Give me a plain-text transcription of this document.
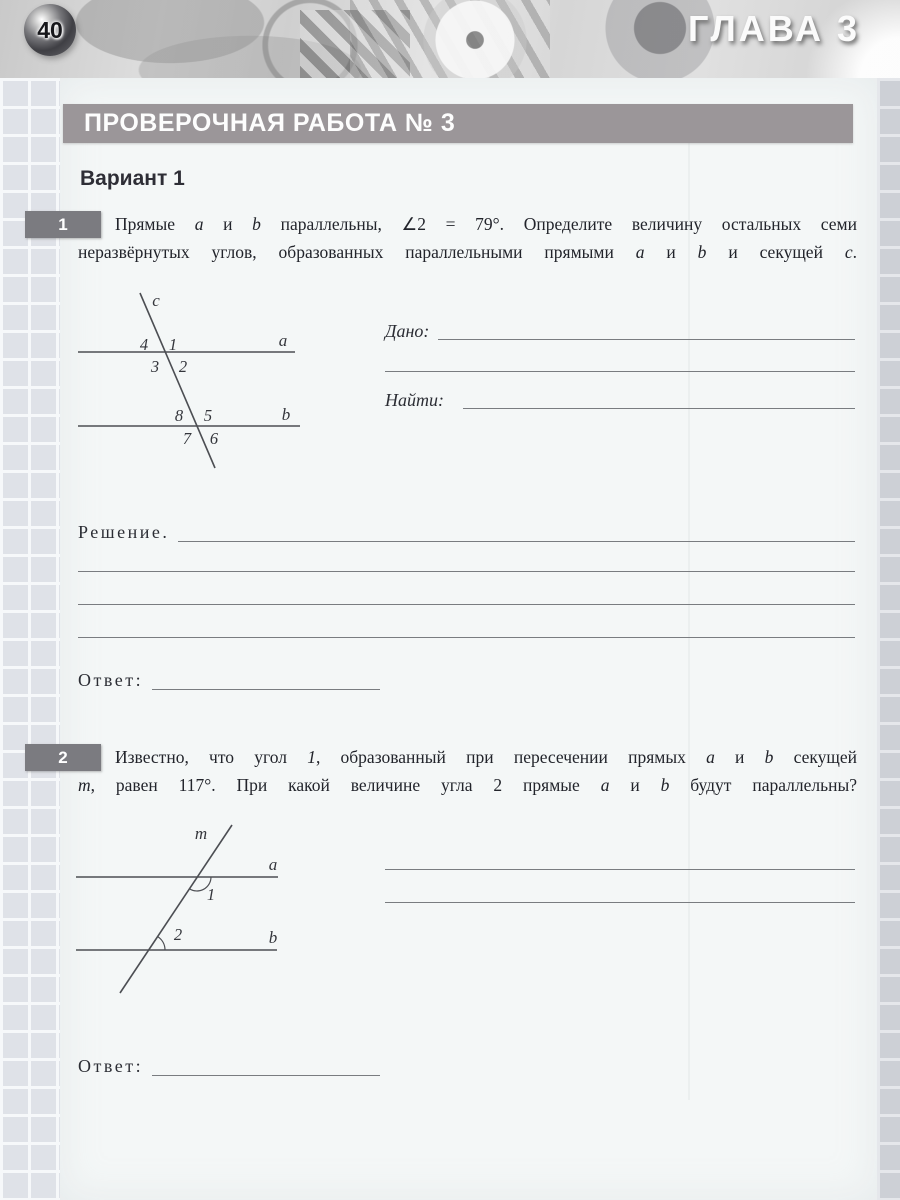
40	ГЛАВА 3
ПРОВЕРОЧНАЯ РАБОТА № 3
Вариант 1
1	Прямые a и b параллельны, ∠2 = 79°. Определите величину остальных семи
неразвёрнутых углов, образованных параллельными прямыми a и b и секущей c.
c
a
b
1
2
3
4
5
6
7
8
Дано:
Найти:
Решение.
Ответ:
2	Известно, что угол 1, образованный при пересечении прямых a и b секущей
m, равен 117°. При какой величине угла 2 прямые a и b будут параллельны?
m
a
b
1
2
Ответ:
